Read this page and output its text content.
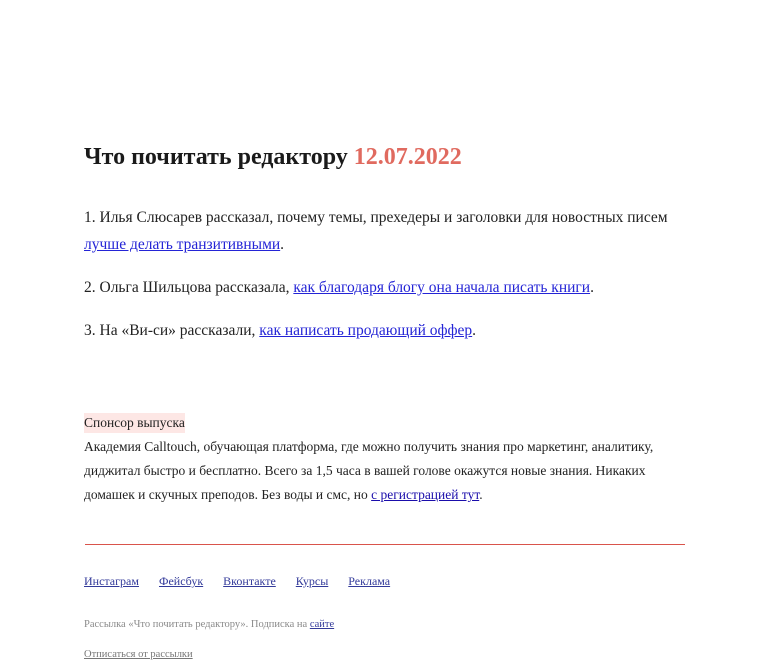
Что почитать редактору 12.07.2022

1. Илья Слюсарев рассказал, почему темы, прехедеры и заголовки для новостных писем лучше делать транзитивными.

2. Ольга Шильцова рассказала, как благодаря блогу она начала писать книги.

3. На «Ви-си» рассказали, как написать продающий оффер.

Спонсор выпуска

Академия Calltouch, обучающая платформа, где можно получить знания про маркетинг, аналитику, диджитал быстро и бесплатно. Всего за 1,5 часа в вашей голове окажутся новые знания. Никаких домашек и скучных преподов. Без воды и смс, но с регистрацией тут.

Инстаграм Фейсбук Вконтакте Курсы Реклама
Рассылка «Что почитать редактору». Подписка на сайте
Отписаться от рассылки
